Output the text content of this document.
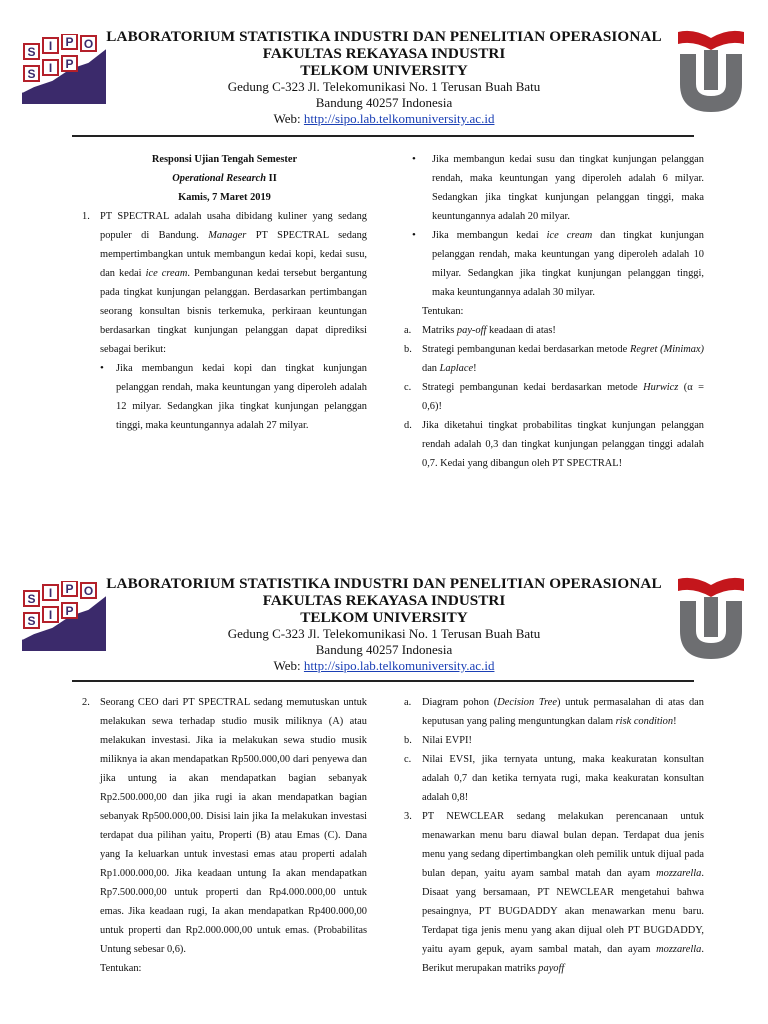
S I P O
S I P
LABORATORIUM STATISTIKA INDUSTRI DAN PENELITIAN OPERASIONAL
FAKULTAS REKAYASA INDUSTRI
TELKOM UNIVERSITY
Gedung C-323 Jl. Telekomunikasi No. 1 Terusan Buah Batu
Bandung 40257 Indonesia
Web: http://sipo.lab.telkomuniversity.ac.id

Responsi Ujian Tengah Semester

Operational Research II

Kamis, 7 Maret 2019

1. PT SPECTRAL adalah usaha dibidang kuliner yang sedang populer di Bandung. Manager PT SPECTRAL sedang mempertimbangkan untuk membangun kedai kopi, kedai susu, dan kedai ice cream. Pembangunan kedai tersebut bergantung pada tingkat kunjungan pelanggan. Berdasarkan pertimbangan seorang konsultan bisnis terkemuka, perkiraan keuntungan berdasarkan tingkat kunjungan pelanggan dapat diprediksi sebagai berikut:

• Jika membangun kedai kopi dan tingkat kunjungan pelanggan rendah, maka keuntungan yang diperoleh adalah 12 milyar. Sedangkan jika tingkat kunjungan pelanggan tinggi, maka keuntungannya adalah 27 milyar.

• Jika membangun kedai susu dan tingkat kunjungan pelanggan rendah, maka keuntungan yang diperoleh adalah 6 milyar. Sedangkan jika tingkat kunjungan pelanggan tinggi, maka keuntungannya adalah 20 milyar.

• Jika membangun kedai ice cream dan tingkat kunjungan pelanggan rendah, maka keuntungan yang diperoleh adalah 10 milyar. Sedangkan jika tingkat kunjungan pelanggan tinggi, maka keuntungannya adalah 30 milyar.

Tentukan:

a. Matriks pay-off keadaan di atas!

b. Strategi pembangunan kedai berdasarkan metode Regret (Minimax) dan Laplace!

c. Strategi pembangunan kedai berdasarkan metode Hurwicz (α = 0,6)!

d. Jika diketahui tingkat probabilitas tingkat kunjungan pelanggan rendah adalah 0,3 dan tingkat kunjungan pelanggan tinggi adalah 0,7. Kedai yang dibangun oleh PT SPECTRAL!

S I P O
S I P
LABORATORIUM STATISTIKA INDUSTRI DAN PENELITIAN OPERASIONAL
FAKULTAS REKAYASA INDUSTRI
TELKOM UNIVERSITY
Gedung C-323 Jl. Telekomunikasi No. 1 Terusan Buah Batu
Bandung 40257 Indonesia
Web: http://sipo.lab.telkomuniversity.ac.id
2. Seorang CEO dari PT SPECTRAL sedang memutuskan untuk melakukan sewa terhadap studio musik miliknya (A) atau melakukan investasi. Jika ia melakukan sewa studio musik miliknya ia akan mendapatkan Rp500.000,00 dari penyewa dan jika untung ia akan mendapatkan bagian sebanyak Rp2.500.000,00 dan jika rugi ia akan mendapatkan bagian sebanyak Rp500.000,00. Disisi lain jika Ia melakukan investasi terdapat dua pilihan yaitu, Properti (B) atau Emas (C). Dana yang Ia keluarkan untuk investasi emas atau properti adalah Rp1.000.000,00. Jika keadaan untung Ia akan mendapatkan Rp7.500.000,00 untuk properti dan Rp4.000.000,00 untuk emas. Jika keadaan rugi, Ia akan mendapatkan Rp400.000,00 untuk properti dan Rp2.000.000,00 untuk emas. (Probabilitas Untung sebesar 0,6).

Tentukan:

a. Diagram pohon (Decision Tree) untuk permasalahan di atas dan keputusan yang paling menguntungkan dalam risk condition!

b. Nilai EVPI!

c. Nilai EVSI, jika ternyata untung, maka keakuratan konsultan adalah 0,7 dan ketika ternyata rugi, maka keakuratan konsultan adalah 0,8!

3. PT NEWCLEAR sedang melakukan perencanaan untuk menawarkan menu baru diawal bulan depan. Terdapat dua jenis menu yang sedang dipertimbangkan oleh pemilik untuk dijual pada bulan depan, yaitu ayam sambal matah dan ayam mozzarella. Disaat yang bersamaan, PT NEWCLEAR mengetahui bahwa pesaingnya, PT BUGDADDY akan menawarkan menu baru. Terdapat tiga jenis menu yang akan dijual oleh PT BUGDADDY, yaitu ayam gepuk, ayam sambal matah, dan ayam mozzarella. Berikut merupakan matriks payoff
